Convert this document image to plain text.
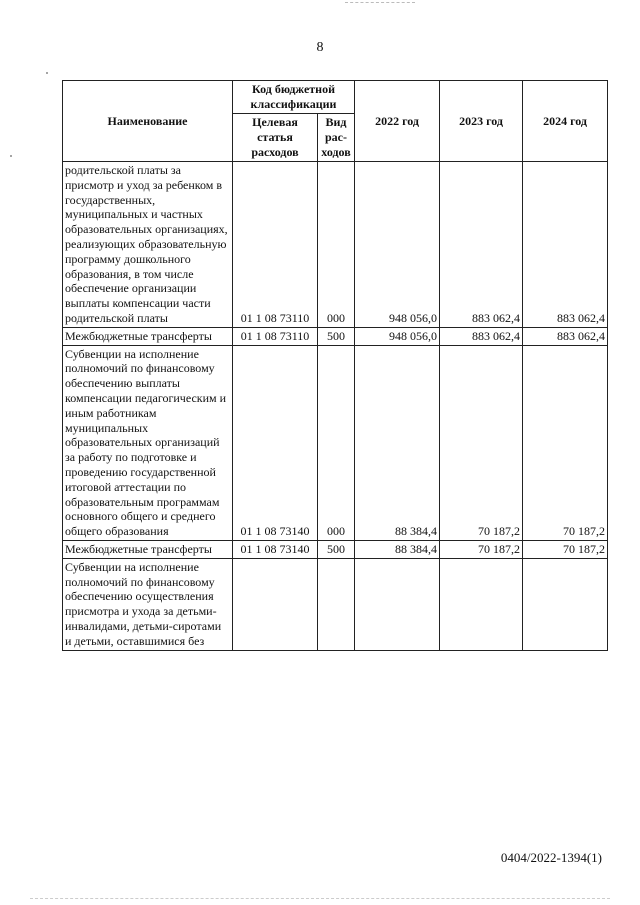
8
Наименование	Код бюджетной классификации		2022 год	2023 год	2024 год
	Целевая статья расходов	Вид рас-ходов			
родительской платы за присмотр и уход за ребенком в государственных, муниципальных и частных образовательных организациях, реализующих образовательную программу дошкольного образования, в том числе обеспечение организации выплаты компенсации части родительской платы	01 1 08 73110	000	948 056,0	883 062,4	883 062,4
Межбюджетные трансферты	01 1 08 73110	500	948 056,0	883 062,4	883 062,4
Субвенции на исполнение полномочий по финансовому обеспечению выплаты компенсации педагогическим и иным работникам муниципальных образовательных организаций за работу по подготовке и проведению государственной итоговой аттестации по образовательным программам основного общего и среднего общего образования	01 1 08 73140	000	88 384,4	70 187,2	70 187,2
Межбюджетные трансферты	01 1 08 73140	500	88 384,4	70 187,2	70 187,2
Субвенции на исполнение полномочий по финансовому обеспечению осуществления присмотра и ухода за детьми-инвалидами, детьми-сиротами и детьми, оставшимися без					
0404/2022-1394(1)
